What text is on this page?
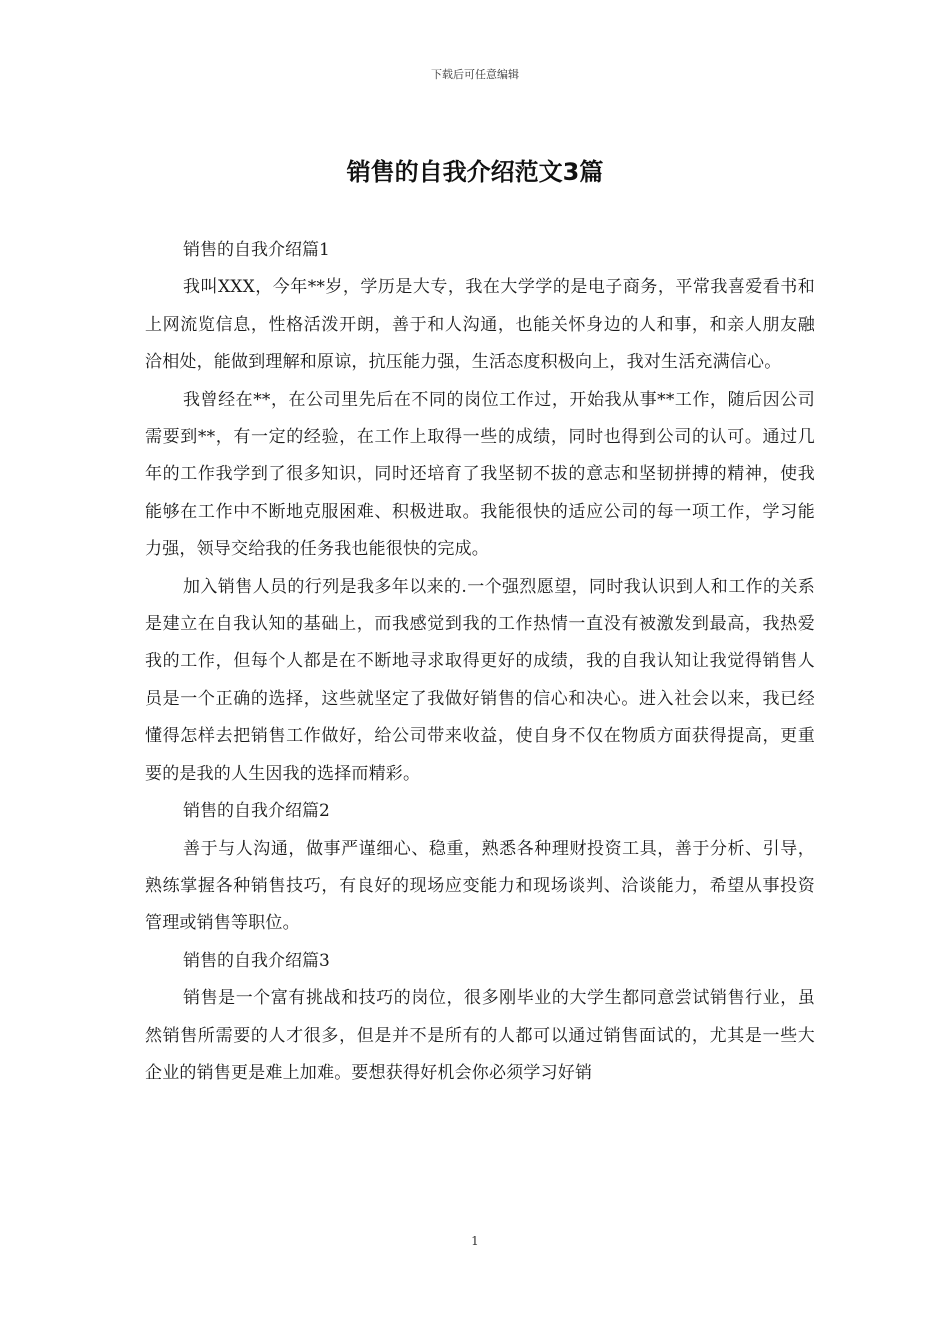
下载后可任意编辑
销售的自我介绍范文3篇

销售的自我介绍篇1

我叫XXX，今年**岁，学历是大专，我在大学学的是电子商务，平常我喜爱看书和上网流览信息，性格活泼开朗，善于和人沟通，也能关怀身边的人和事，和亲人朋友融洽相处，能做到理解和原谅，抗压能力强，生活态度积极向上，我对生活充满信心。

我曾经在**，在公司里先后在不同的岗位工作过，开始我从事**工作，随后因公司需要到**，有一定的经验，在工作上取得一些的成绩，同时也得到公司的认可。通过几年的工作我学到了很多知识，同时还培育了我坚韧不拔的意志和坚韧拼搏的精神，使我能够在工作中不断地克服困难、积极进取。我能很快的适应公司的每一项工作，学习能力强，领导交给我的任务我也能很快的完成。

加入销售人员的行列是我多年以来的.一个强烈愿望，同时我认识到人和工作的关系是建立在自我认知的基础上，而我感觉到我的工作热情一直没有被激发到最高，我热爱我的工作，但每个人都是在不断地寻求取得更好的成绩，我的自我认知让我觉得销售人员是一个正确的选择，这些就坚定了我做好销售的信心和决心。进入社会以来，我已经懂得怎样去把销售工作做好，给公司带来收益，使自身不仅在物质方面获得提高，更重要的是我的人生因我的选择而精彩。

销售的自我介绍篇2

善于与人沟通，做事严谨细心、稳重，熟悉各种理财投资工具，善于分析、引导，熟练掌握各种销售技巧，有良好的现场应变能力和现场谈判、洽谈能力，希望从事投资管理或销售等职位。

销售的自我介绍篇3

销售是一个富有挑战和技巧的岗位，很多刚毕业的大学生都同意尝试销售行业，虽然销售所需要的人才很多，但是并不是所有的人都可以通过销售面试的，尤其是一些大企业的销售更是难上加难。要想获得好机会你必须学习好销

1
